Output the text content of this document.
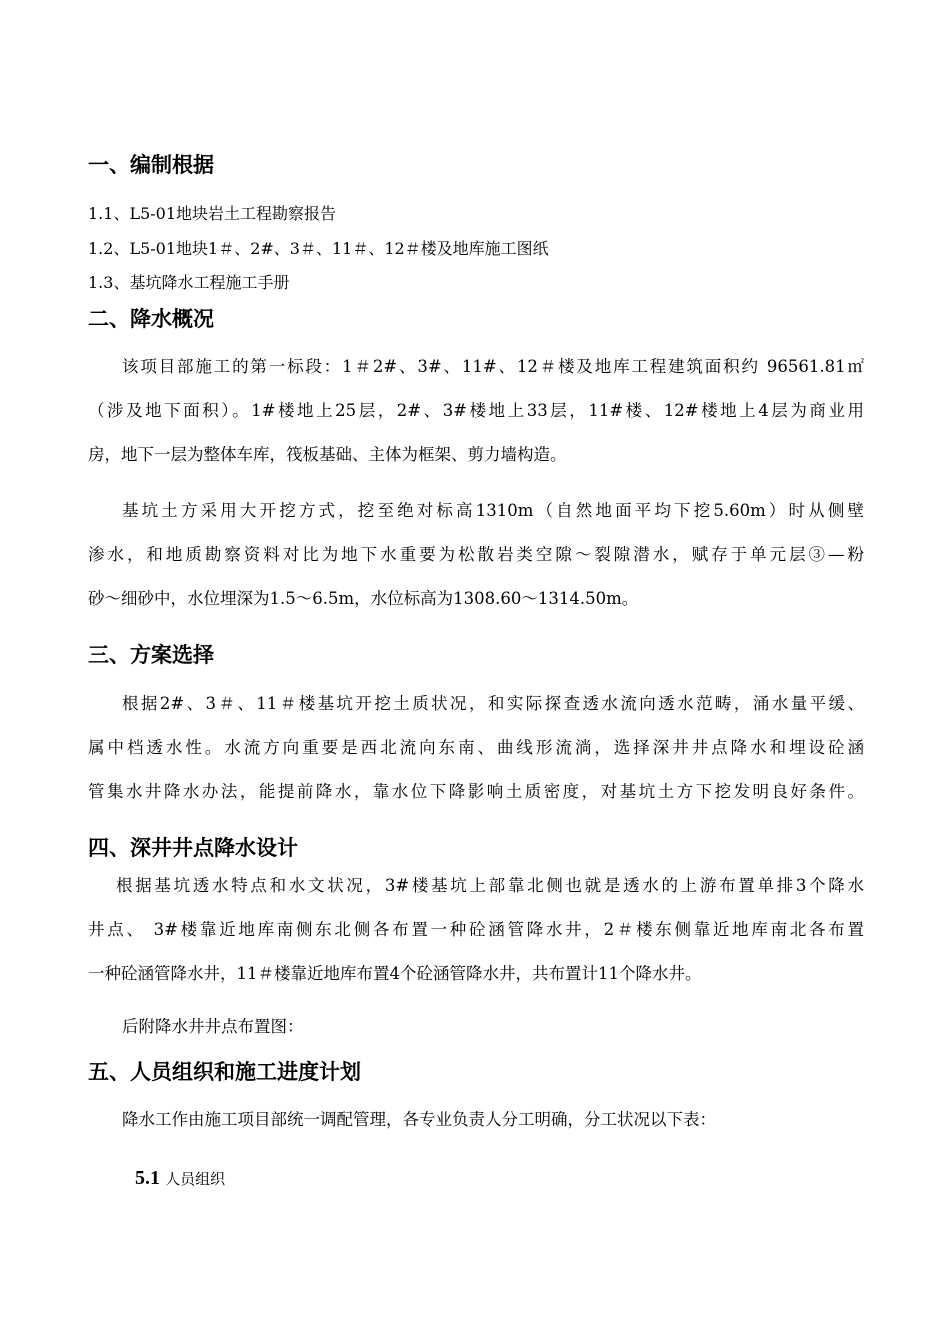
一、编制根据
1.1、L5-01地块岩土工程勘察报告
1.2、L5-01地块1＃、2#、3＃、11＃、12＃楼及地库施工图纸
1.3、基坑降水工程施工手册
二、降水概况
该项目部施工的第一标段：1＃2#、3#、11#、12＃楼及地库工程建筑面积约 96561.81㎡
（涉及地下面积）。1#楼地上25层，2#、3#楼地上33层，11#楼、12#楼地上4层为商业用
房，地下一层为整体车库，筏板基础、主体为框架、剪力墙构造。
基坑土方采用大开挖方式，挖至绝对标高1310m（自然地面平均下挖5.60m）时从侧壁
渗水，和地质勘察资料对比为地下水重要为松散岩类空隙～裂隙潜水，赋存于单元层③—粉
砂～细砂中，水位埋深为1.5～6.5m，水位标高为1308.60～1314.50m。
三、方案选择
根据2#、3＃、11＃楼基坑开挖土质状况，和实际探查透水流向透水范畴，涌水量平缓、
属中档透水性。水流方向重要是西北流向东南、曲线形流淌，选择深井井点降水和埋设砼涵
管集水井降水办法，能提前降水，靠水位下降影响土质密度，对基坑土方下挖发明良好条件。
四、深井井点降水设计
根据基坑透水特点和水文状况，3#楼基坑上部靠北侧也就是透水的上游布置单排3个降水
井点、 3#楼靠近地库南侧东北侧各布置一种砼涵管降水井，2＃楼东侧靠近地库南北各布置
一种砼涵管降水井，11＃楼靠近地库布置4个砼涵管降水井，共布置计11个降水井。
后附降水井井点布置图：
五、人员组织和施工进度计划
降水工作由施工项目部统一调配管理，各专业负责人分工明确，分工状况以下表：
5.1 人员组织
